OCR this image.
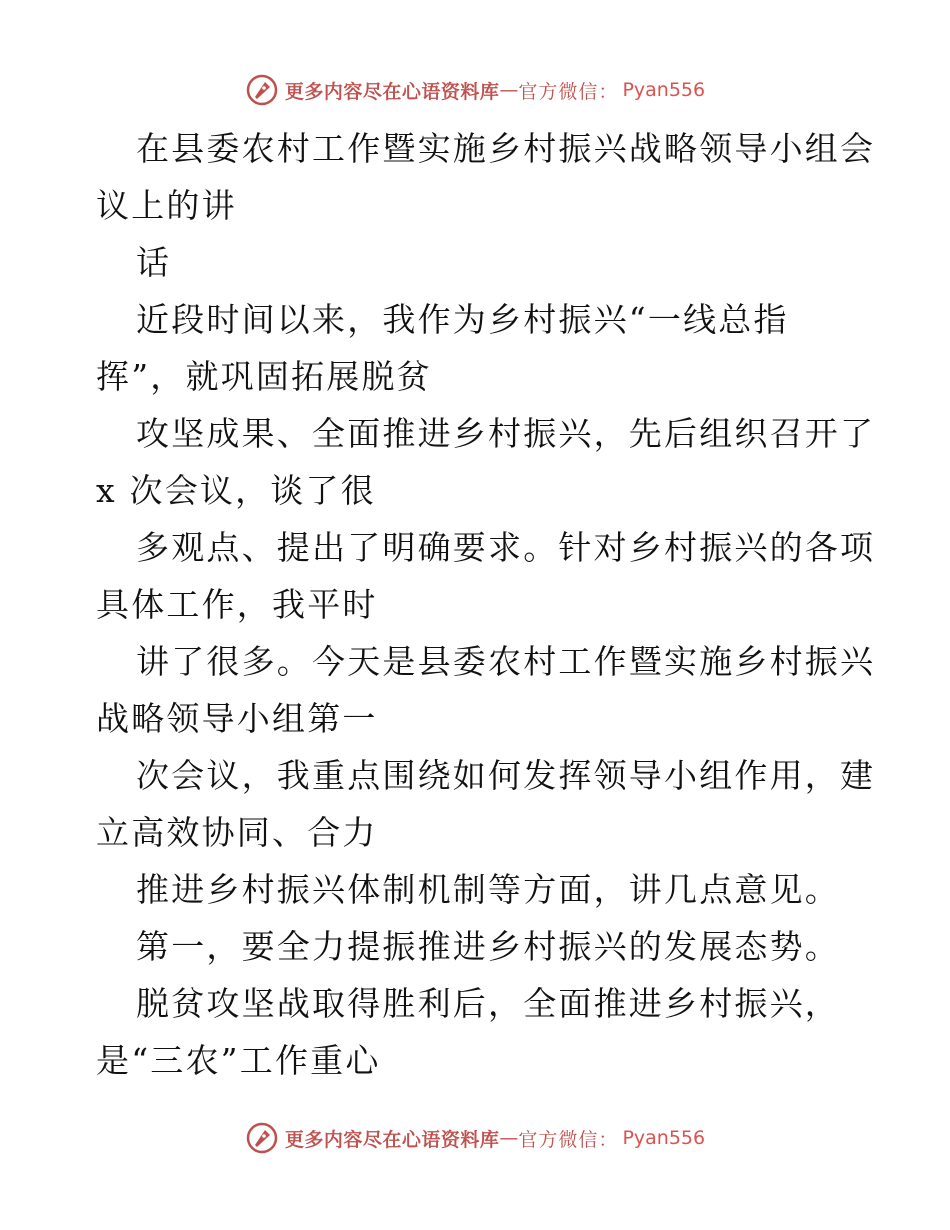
更多内容尽在心语资料库 — 官方微信： Pyan556
在县委农村工作暨实施乡村振兴战略领导小组会
议上的讲
话
近段时间以来，我作为乡村振兴“一线总指
挥”，就巩固拓展脱贫
攻坚成果、全面推进乡村振兴，先后组织召开了
x 次会议，谈了很
多观点、提出了明确要求。针对乡村振兴的各项
具体工作，我平时
讲了很多。今天是县委农村工作暨实施乡村振兴
战略领导小组第一
次会议，我重点围绕如何发挥领导小组作用，建
立高效协同、合力
推进乡村振兴体制机制等方面，讲几点意见。
第一，要全力提振推进乡村振兴的发展态势。
脱贫攻坚战取得胜利后，全面推进乡村振兴，
是“三农”工作重心
更多内容尽在心语资料库 — 官方微信： Pyan556
